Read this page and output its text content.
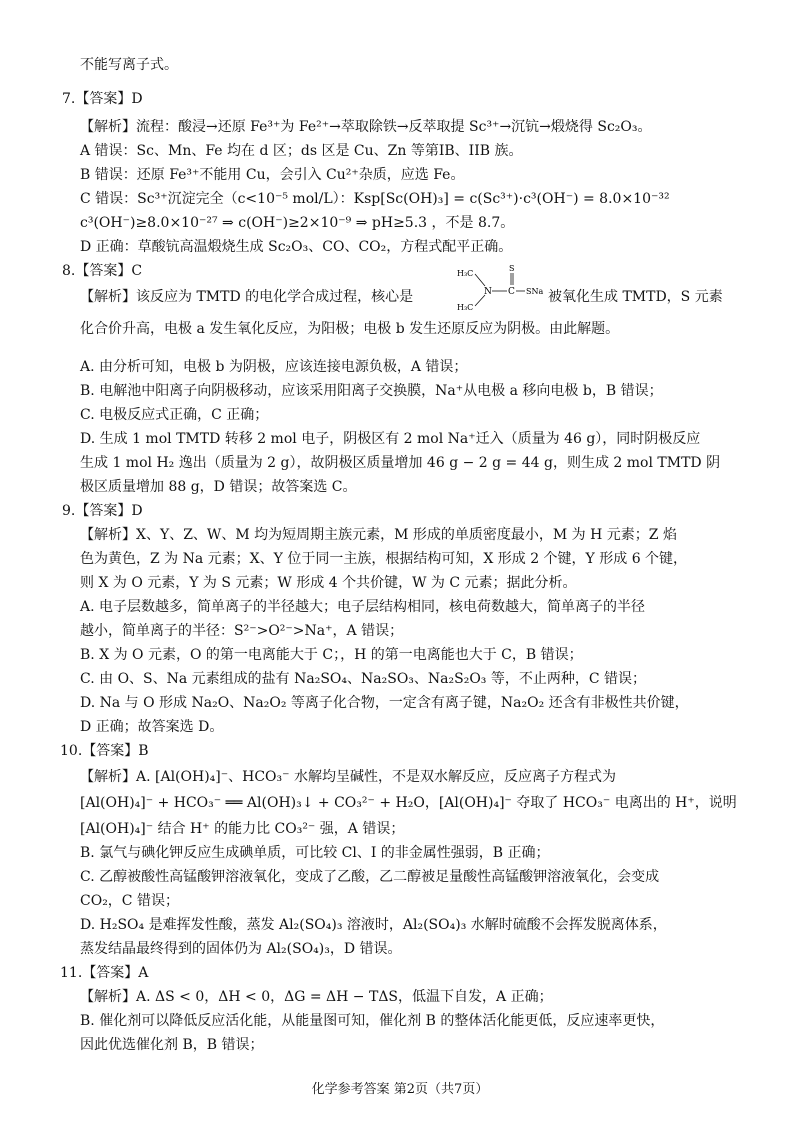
不能写离子式。
7.【答案】D
【解析】流程：酸浸→还原 Fe³⁺为 Fe²⁺→萃取除铁→反萃取提 Sc³⁺→沉钪→煅烧得 Sc₂O₃。
A 错误：Sc、Mn、Fe 均在 d 区；ds 区是 Cu、Zn 等第IB、IIB 族。
B 错误：还原 Fe³⁺不能用 Cu，会引入 Cu²⁺杂质，应选 Fe。
C 错误：Sc³⁺沉淀完全（c<10⁻⁵ mol/L）：Ksp[Sc(OH)₃] = c(Sc³⁺)·c³(OH⁻) = 8.0×10⁻³²
c³(OH⁻)≥8.0×10⁻²⁷ ⇒ c(OH⁻)≥2×10⁻⁹ ⇒ pH≥5.3 ，不是 8.7。
D 正确：草酸钪高温煅烧生成 Sc₂O₃、CO、CO₂，方程式配平正确。
8.【答案】C
【解析】该反应为 TMTD 的电化学合成过程，核心是	被氧化生成 TMTD，S 元素
化合价升高，电极 a 发生氧化反应，为阳极；电极 b 发生还原反应为阴极。由此解题。
A. 由分析可知，电极 b 为阴极，应该连接电源负极，A 错误；
B. 电解池中阳离子向阴极移动，应该采用阳离子交换膜，Na⁺从电极 a 移向电极 b，B 错误；
C. 电极反应式正确，C 正确；
D. 生成 1 mol TMTD 转移 2 mol 电子，阴极区有 2 mol Na⁺迁入（质量为 46 g），同时阴极反应
生成 1 mol H₂ 逸出（质量为 2 g），故阴极区质量增加 46 g − 2 g = 44 g，则生成 2 mol TMTD 阴
极区质量增加 88 g，D 错误；故答案选 C。
9.【答案】D
【解析】X、Y、Z、W、M 均为短周期主族元素，M 形成的单质密度最小，M 为 H 元素；Z 焰
色为黄色，Z 为 Na 元素；X、Y 位于同一主族，根据结构可知，X 形成 2 个键，Y 形成 6 个键，
则 X 为 O 元素，Y 为 S 元素；W 形成 4 个共价键，W 为 C 元素；据此分析。
A. 电子层数越多，简单离子的半径越大；电子层结构相同，核电荷数越大，简单离子的半径
越小，简单离子的半径：S²⁻>O²⁻>Na⁺，A 错误；
B. X 为 O 元素，O 的第一电离能大于 C；，H 的第一电离能也大于 C，B 错误；
C. 由 O、S、Na 元素组成的盐有 Na₂SO₄、Na₂SO₃、Na₂S₂O₃ 等，不止两种，C 错误；
D. Na 与 O 形成 Na₂O、Na₂O₂ 等离子化合物，一定含有离子键，Na₂O₂ 还含有非极性共价键，
D 正确；故答案选 D。
10.【答案】B
【解析】A. [Al(OH)₄]⁻、HCO₃⁻ 水解均呈碱性，不是双水解反应，反应离子方程式为
[Al(OH)₄]⁻ + HCO₃⁻ ══ Al(OH)₃↓ + CO₃²⁻ + H₂O，[Al(OH)₄]⁻ 夺取了 HCO₃⁻ 电离出的 H⁺，说明
[Al(OH)₄]⁻ 结合 H⁺ 的能力比 CO₃²⁻ 强，A 错误；
B. 氯气与碘化钾反应生成碘单质，可比较 Cl、I 的非金属性强弱，B 正确；
C. 乙醇被酸性高锰酸钾溶液氧化，变成了乙酸，乙二醇被足量酸性高锰酸钾溶液氧化，会变成
CO₂，C 错误；
D. H₂SO₄ 是难挥发性酸，蒸发 Al₂(SO₄)₃ 溶液时，Al₂(SO₄)₃ 水解时硫酸不会挥发脱离体系，
蒸发结晶最终得到的固体仍为 Al₂(SO₄)₃，D 错误。
11.【答案】A
【解析】A. ΔS < 0，ΔH < 0，ΔG = ΔH − TΔS，低温下自发，A 正确；
B. 催化剂可以降低反应活化能，从能量图可知，催化剂 B 的整体活化能更低，反应速率更快，
因此优选催化剂 B，B 错误；
H₃C
H₃C
N C
S
SNa
化学参考答案 第2页（共7页）
